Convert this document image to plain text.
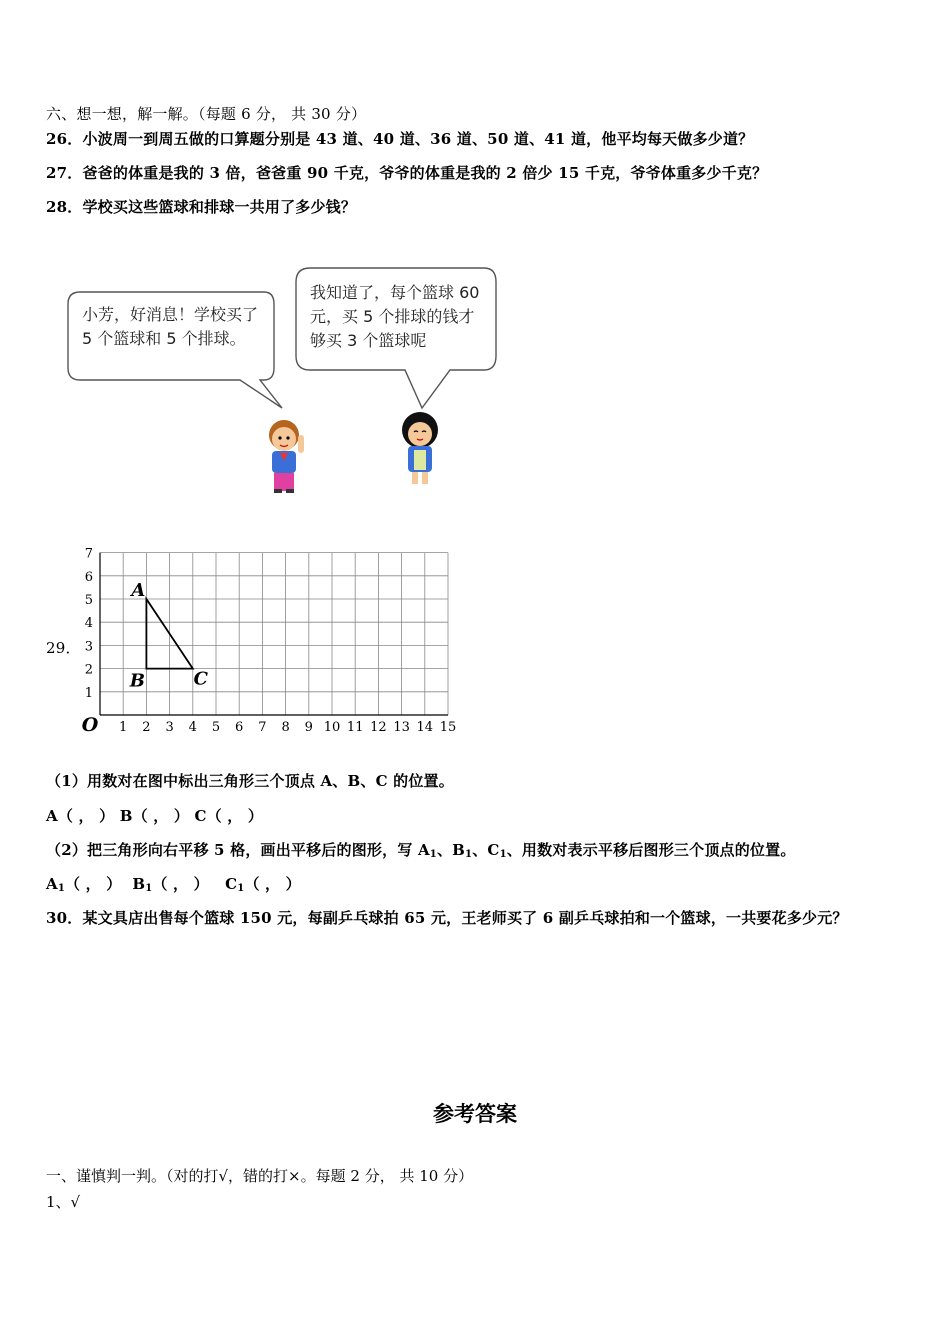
六、想一想，解一解。（每题 6 分， 共 30 分）
26．小波周一到周五做的口算题分别是 43 道、40 道、36 道、50 道、41 道，他平均每天做多少道？
27．爸爸的体重是我的 3 倍，爸爸重 90 千克，爷爷的体重是我的 2 倍少 15 千克，爷爷体重多少千克？
28．学校买这些篮球和排球一共用了多少钱？
小芳，好消息！学校买了
5 个篮球和 5 个排球。
我知道了，每个篮球 60
元，买 5 个排球的钱才
够买 3 个篮球呢
29．
1 2 3 4 5 6 7 8 9 10 11 12 13 14 15
1
2
3
4
5
6
7
O
A
B	C
（1）用数对在图中标出三角形三个顶点 A、B、C 的位置。
A（ ， ） B（ ， ） C（ ， ）
（2）把三角形向右平移 5 格，画出平移后的图形，写 $A_1$、$B_1$、$C_1$、用数对表示平移后图形三个顶点的位置。
$A_1$（ ， ） $B_1$（ ， ） $C_1$（ ， ）
30．某文具店出售每个篮球 150 元，每副乒乓球拍 65 元，王老师买了 6 副乒乓球拍和一个篮球，一共要花多少元？
参考答案
一、谨慎判一判。（对的打√，错的打×。每题 2 分， 共 10 分）
1、√
